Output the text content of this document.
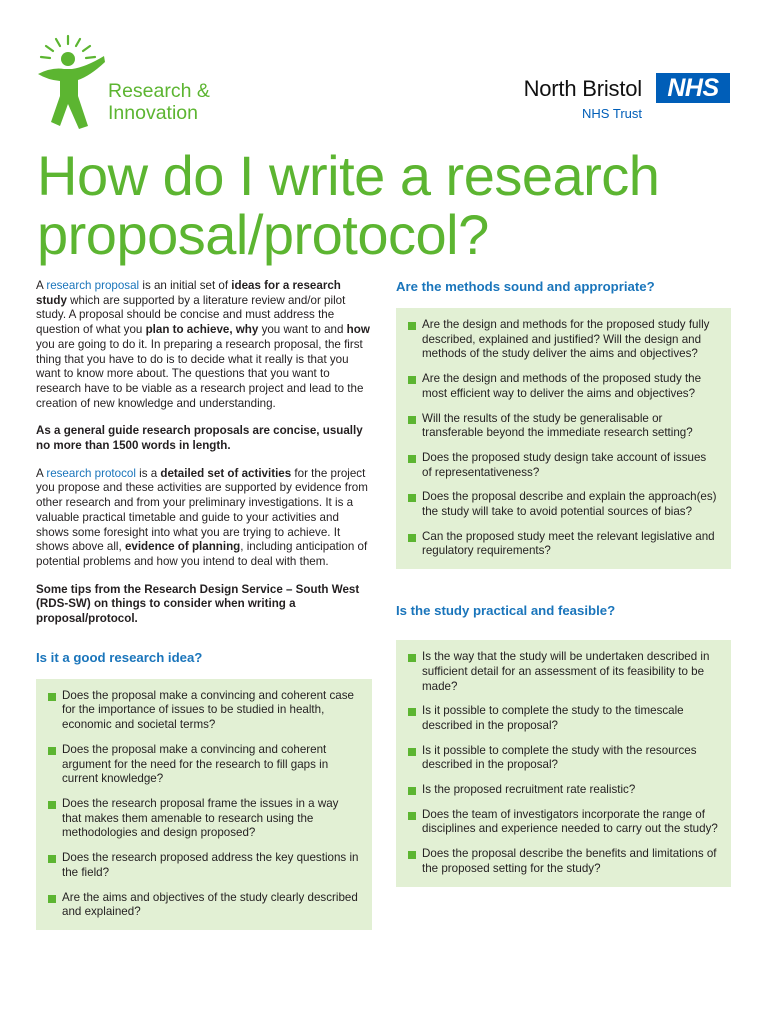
Research &
Innovation
North Bristol	NHS
NHS Trust
How do I write a research
proposal/protocol?

A research proposal is an initial set of ideas for a research study which are supported by a literature review and/or pilot study. A proposal should be concise and must address the question of what you plan to achieve, why you want to and how you are going to do it. In preparing a research proposal, the first thing that you have to do is to decide what it really is that you want to know more about. The questions that you want to research have to be viable as a research project and lead to the creation of new knowledge and understanding.

As a general guide research proposals are concise, usually no more than 1500 words in length.

A research protocol is a detailed set of activities for the project you propose and these activities are supported by evidence from other research and from your preliminary investigations. It is a valuable practical timetable and guide to your activities and shows some foresight into what you are trying to achieve. It shows above all, evidence of planning, including anticipation of potential problems and how you intend to deal with them.

Some tips from the Research Design Service – South West (RDS-SW) on things to consider when writing a proposal/protocol.

Is it a good research idea?
Does the proposal make a convincing and coherent case for the importance of issues to be studied in health, economic and societal terms?
Does the proposal make a convincing and coherent argument for the need for the research to fill gaps in current knowledge?
Does the research proposal frame the issues in a way that makes them amenable to research using the methodologies and design proposed?
Does the research proposed address the key questions in the field?
Are the aims and objectives of the study clearly described and explained?
Are the methods sound and appropriate?
Are the design and methods for the proposed study fully described, explained and justified? Will the design and methods of the study deliver the aims and objectives?
Are the design and methods of the proposed study the most efficient way to deliver the aims and objectives?
Will the results of the study be generalisable or transferable beyond the immediate research setting?
Does the proposed study design take account of issues of representativeness?
Does the proposal describe and explain the approach(es) the study will take to avoid potential sources of bias?
Can the proposed study meet the relevant legislative and regulatory requirements?
Is the study practical and feasible?
Is the way that the study will be undertaken described in sufficient detail for an assessment of its feasibility to be made?
Is it possible to complete the study to the timescale described in the proposal?
Is it possible to complete the study with the resources described in the proposal?
Is the proposed recruitment rate realistic?
Does the team of investigators incorporate the range of disciplines and experience needed to carry out the study?
Does the proposal describe the benefits and limitations of the proposed setting for the study?
